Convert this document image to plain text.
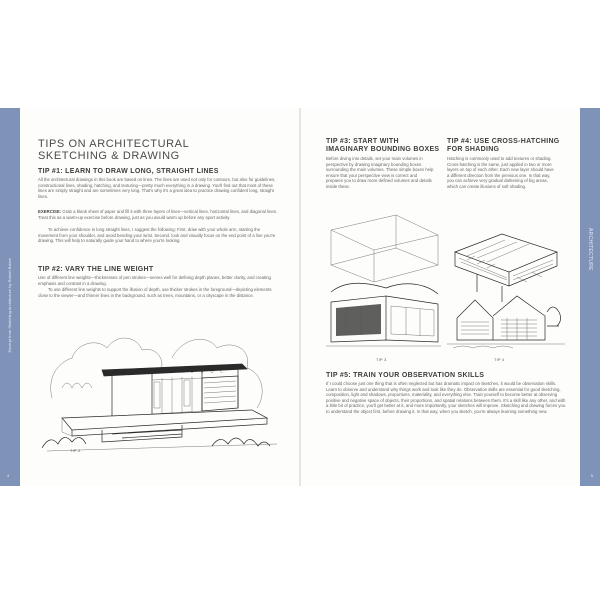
Excerpt from Sketching Architecture by Robert Balzer
4
ARCHITECTURE
5
TIPS ON ARCHITECTURAL
SKETCHING & DRAWING
TIP #1: LEARN TO DRAW LONG, STRAIGHT LINES
All the architectural drawings in this book are based on lines. The lines are used not only for contours, but also for guidelines, constructional lines, shading, hatching, and texturing—pretty much everything in a drawing. You'll find out that most of these lines are simply straight and are sometimes very long. That's why it's a great idea to practice drawing confident long, straight lines.
EXERCISE: Grab a blank sheet of paper and fill it with three layers of lines—vertical lines, horizontal lines, and diagonal lines. Treat this as a warm-up exercise before drawing, just as you would warm up before any sport activity.
To achieve confidence in long straight lines, I suggest the following: First, draw with your whole arm, starting the movement from your shoulder, and avoid bending your wrist. Second, look and visually focus on the end point of a line you're drawing. This will help to naturally guide your hand to where you're looking.
TIP #2: VARY THE LINE WEIGHT
Use of different line weights—thicknesses of pen strokes—serves well for defining depth planes, better clarity, and creating emphasis and contrast in a drawing.
To use different line weights to support the illusion of depth, use thicker strokes in the foreground—depicting elements close to the viewer—and thinner lines in the background, such as trees, mountains, or a cityscape in the distance.
TIP 2
TIP #3: START WITH
IMAGINARY BOUNDING BOXES
Before diving into details, set your main volumes in perspective by drawing imaginary bounding boxes surrounding the main volumes. These simple boxes help ensure that your perspective view is correct and prepares you to draw more defined volumes and details inside these.
TIP #4: USE CROSS-HATCHING
FOR SHADING
Hatching is commonly used to add textures or shading. Cross-hatching is the same, just applied in two or more layers on top of each other. Each new layer should have a different direction from the previous one. In that way, you can achieve very gradual darkening of big areas, which can create illusions of soft shading.
TIP 3	TIP 4
TIP #5: TRAIN YOUR OBSERVATION SKILLS
If I could choose just one thing that is often neglected but has dramatic impact on sketches, it would be observation skills. Learn to observe and understand why things work and look like they do. Observation skills are essential for good sketching, composition, light and shadows, proportions, materiality, and everything else. Train yourself to become better at observing positive and negative space of objects, their proportions, and spatial relations between them. It's a skill like any other, and with a little bit of practice, you'll get better at it, and more importantly, your sketches will improve. Sketching and drawing forces you to understand the object first, before drawing it. In that way, when you sketch, you're always learning something new.
